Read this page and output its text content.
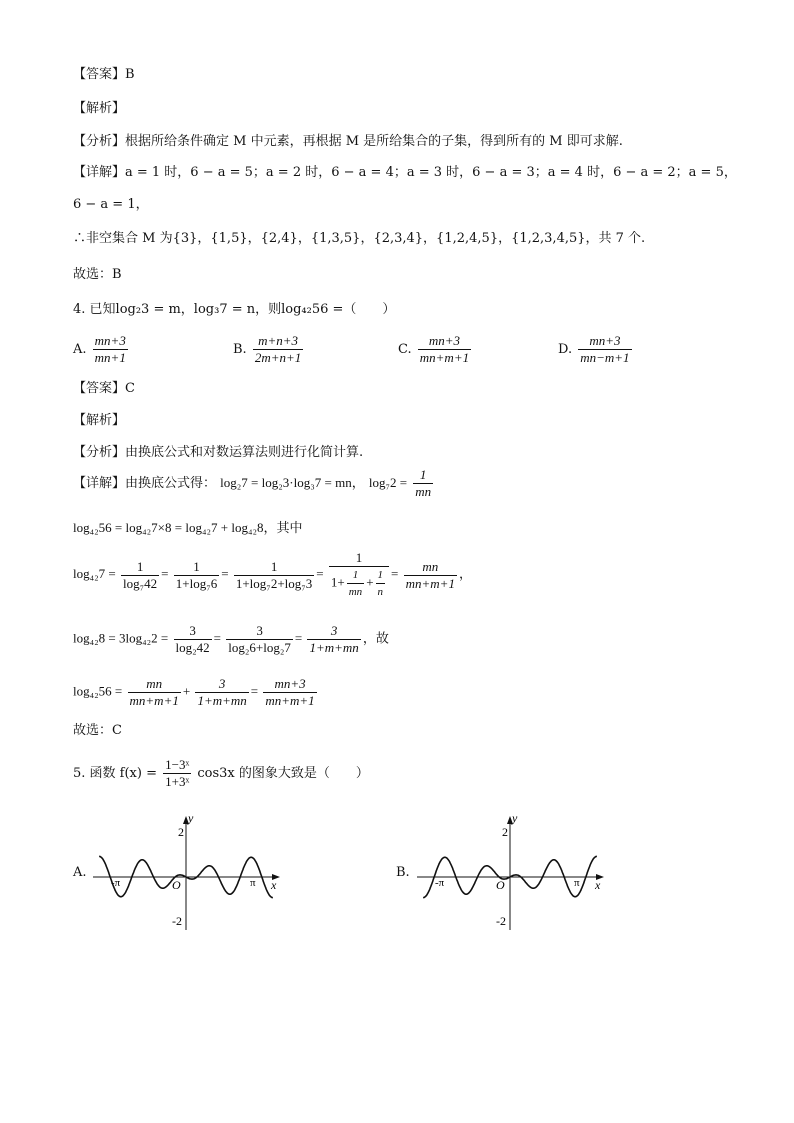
【答案】B
【解析】
【分析】根据所给条件确定 M 中元素，再根据 M 是所给集合的子集，得到所有的 M 即可求解.
【详解】a = 1 时，6 − a = 5；a = 2 时，6 − a = 4；a = 3 时，6 − a = 3；a = 4 时，6 − a = 2；a = 5，
6 − a = 1，
∴非空集合 M 为{3}，{1,5}，{2,4}，{1,3,5}，{2,3,4}，{1,2,4,5}，{1,2,3,4,5}，共 7 个.
故选：B
4. 已知log₂3 = m，log₃7 = n，则log₄₂56 =（　　）
A. $\frac{mn+3}{mn+1}$	B. $\frac{m+n+3}{2m+n+1}$	C. $\frac{mn+3}{mn+m+1}$	D. $\frac{mn+3}{mn-m+1}$
【答案】C
【解析】
【分析】由换底公式和对数运算法则进行化简计算.
【详解】由换底公式得： log₂7 = log₂3·log₃7 = mn， $\log_72 = \frac{1}{mn}$
log₄₂56 = log₄₂7×8 = log₄₂7 + log₄₂8，其中
$\log_{42}7 = \frac{1}{\text{log₇42}} = \frac{1}{\text{1+log₇6}} = \frac{1}{\text{1+log₇2+log₇3}} = \frac{1}{1+ \frac{1}{mn} + \frac{1}{n}} = \frac{mn}{mn+m+1}$ ，
$\log_{42}8 = 3\log_{42}2 = \frac{3}{\text{log₂42}} = \frac{3}{\text{log₂6+log₂7}} = \frac{3}{1+m+mn}$ ，故
$\log_{42}56 = \frac{mn}{mn+m+1} + \frac{3}{1+m+mn} = \frac{mn+3}{mn+m+1}$
故选：C
5. 函数 $f(x) = \frac{\text{1−3ˣ}}{\text{1+3ˣ}} \cos 3x$ 的图象大致是（　　）
A.
y
2
-2
-π	π
O	x
B.
y
2
-2
-π	π
O	x
